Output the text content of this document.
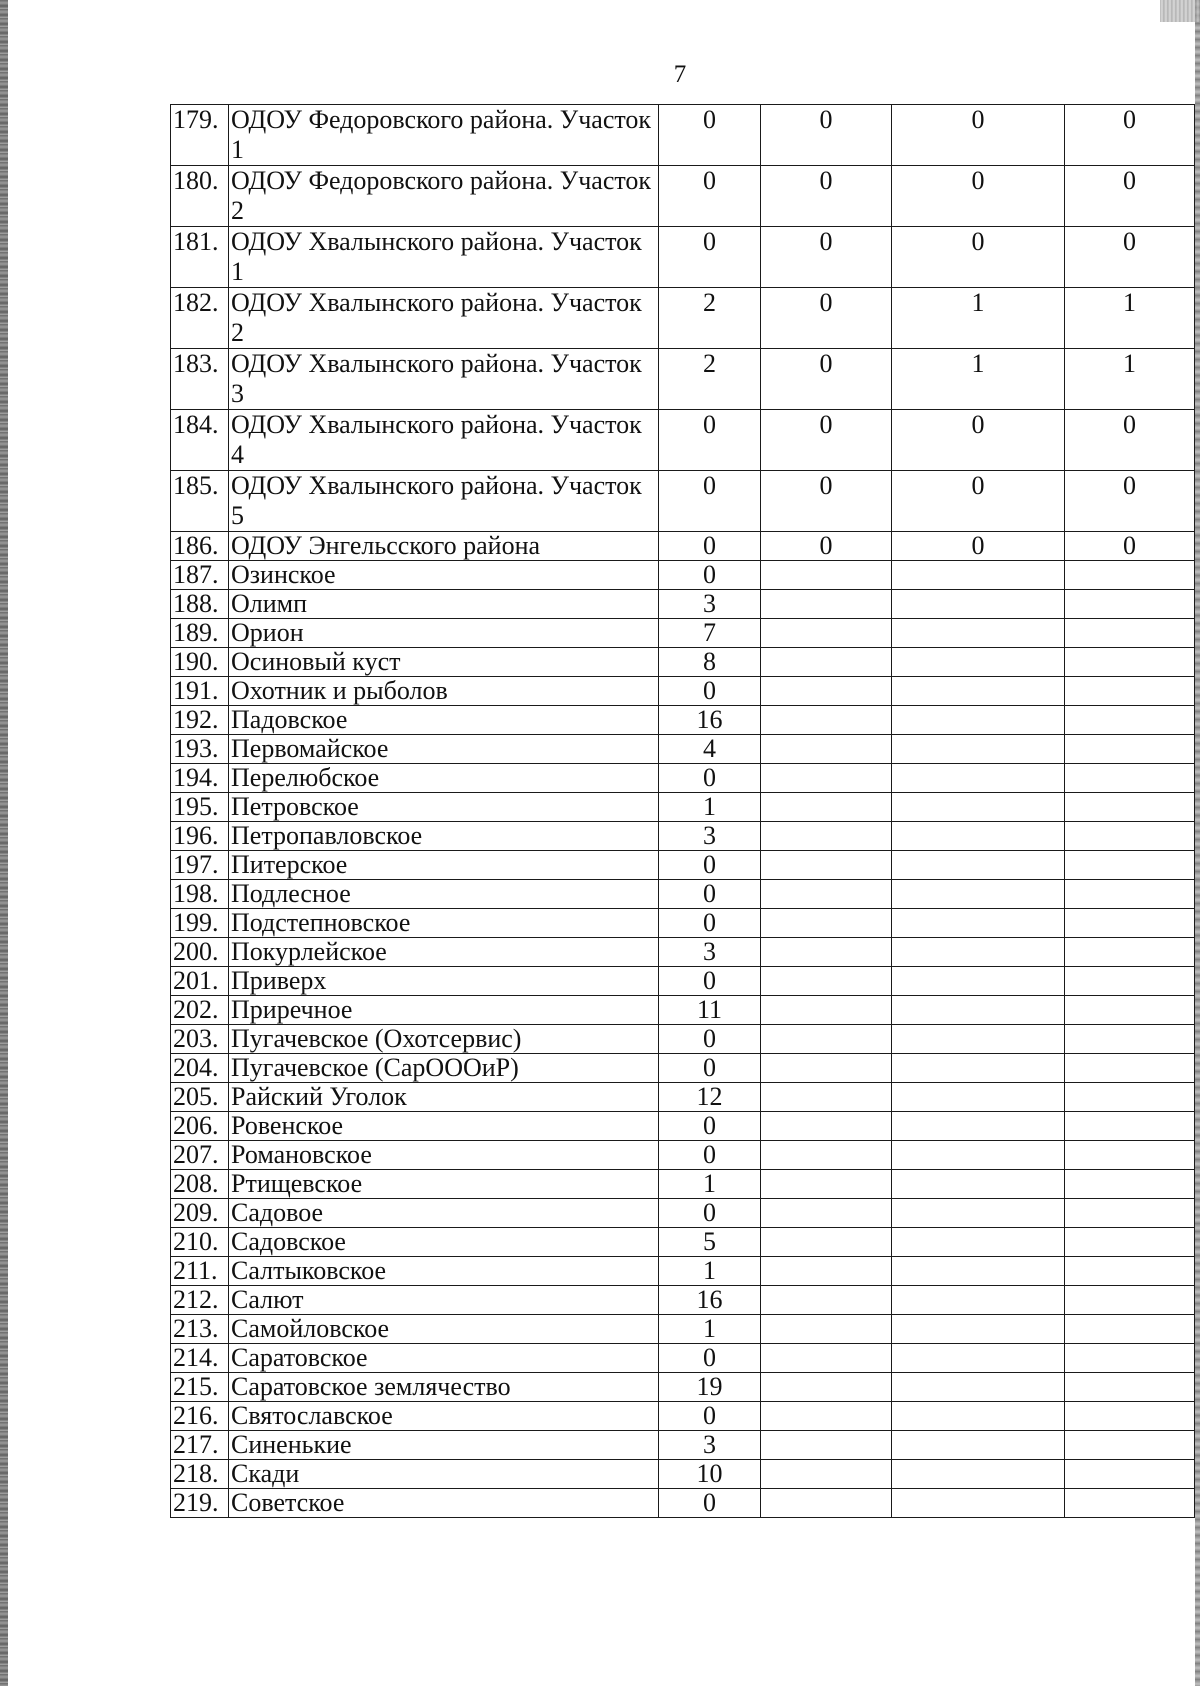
7
179.	ОДОУ Федоровского района. Участок 1	0	0	0	0
180.	ОДОУ Федоровского района. Участок 2	0	0	0	0
181.	ОДОУ Хвалынского района. Участок 1	0	0	0	0
182.	ОДОУ Хвалынского района. Участок 2	2	0	1	1
183.	ОДОУ Хвалынского района. Участок 3	2	0	1	1
184.	ОДОУ Хвалынского района. Участок 4	0	0	0	0
185.	ОДОУ Хвалынского района. Участок 5	0	0	0	0
186.	ОДОУ Энгельсского района	0	0	0	0
187.	Озинское	0			
188.	Олимп	3			
189.	Орион	7			
190.	Осиновый куст	8			
191.	Охотник и рыболов	0			
192.	Падовское	16			
193.	Первомайское	4			
194.	Перелюбское	0			
195.	Петровское	1			
196.	Петропавловское	3			
197.	Питерское	0			
198.	Подлесное	0			
199.	Подстепновское	0			
200.	Покурлейское	3			
201.	Приверх	0			
202.	Приречное	11			
203.	Пугачевское (Охотсервис)	0			
204.	Пугачевское (СарОООиР)	0			
205.	Райский Уголок	12			
206.	Ровенское	0			
207.	Романовское	0			
208.	Ртищевское	1			
209.	Садовое	0			
210.	Садовское	5			
211.	Салтыковское	1			
212.	Салют	16			
213.	Самойловское	1			
214.	Саратовское	0			
215.	Саратовское землячество	19			
216.	Святославское	0			
217.	Синенькие	3			
218.	Скади	10			
219.	Советское	0			
